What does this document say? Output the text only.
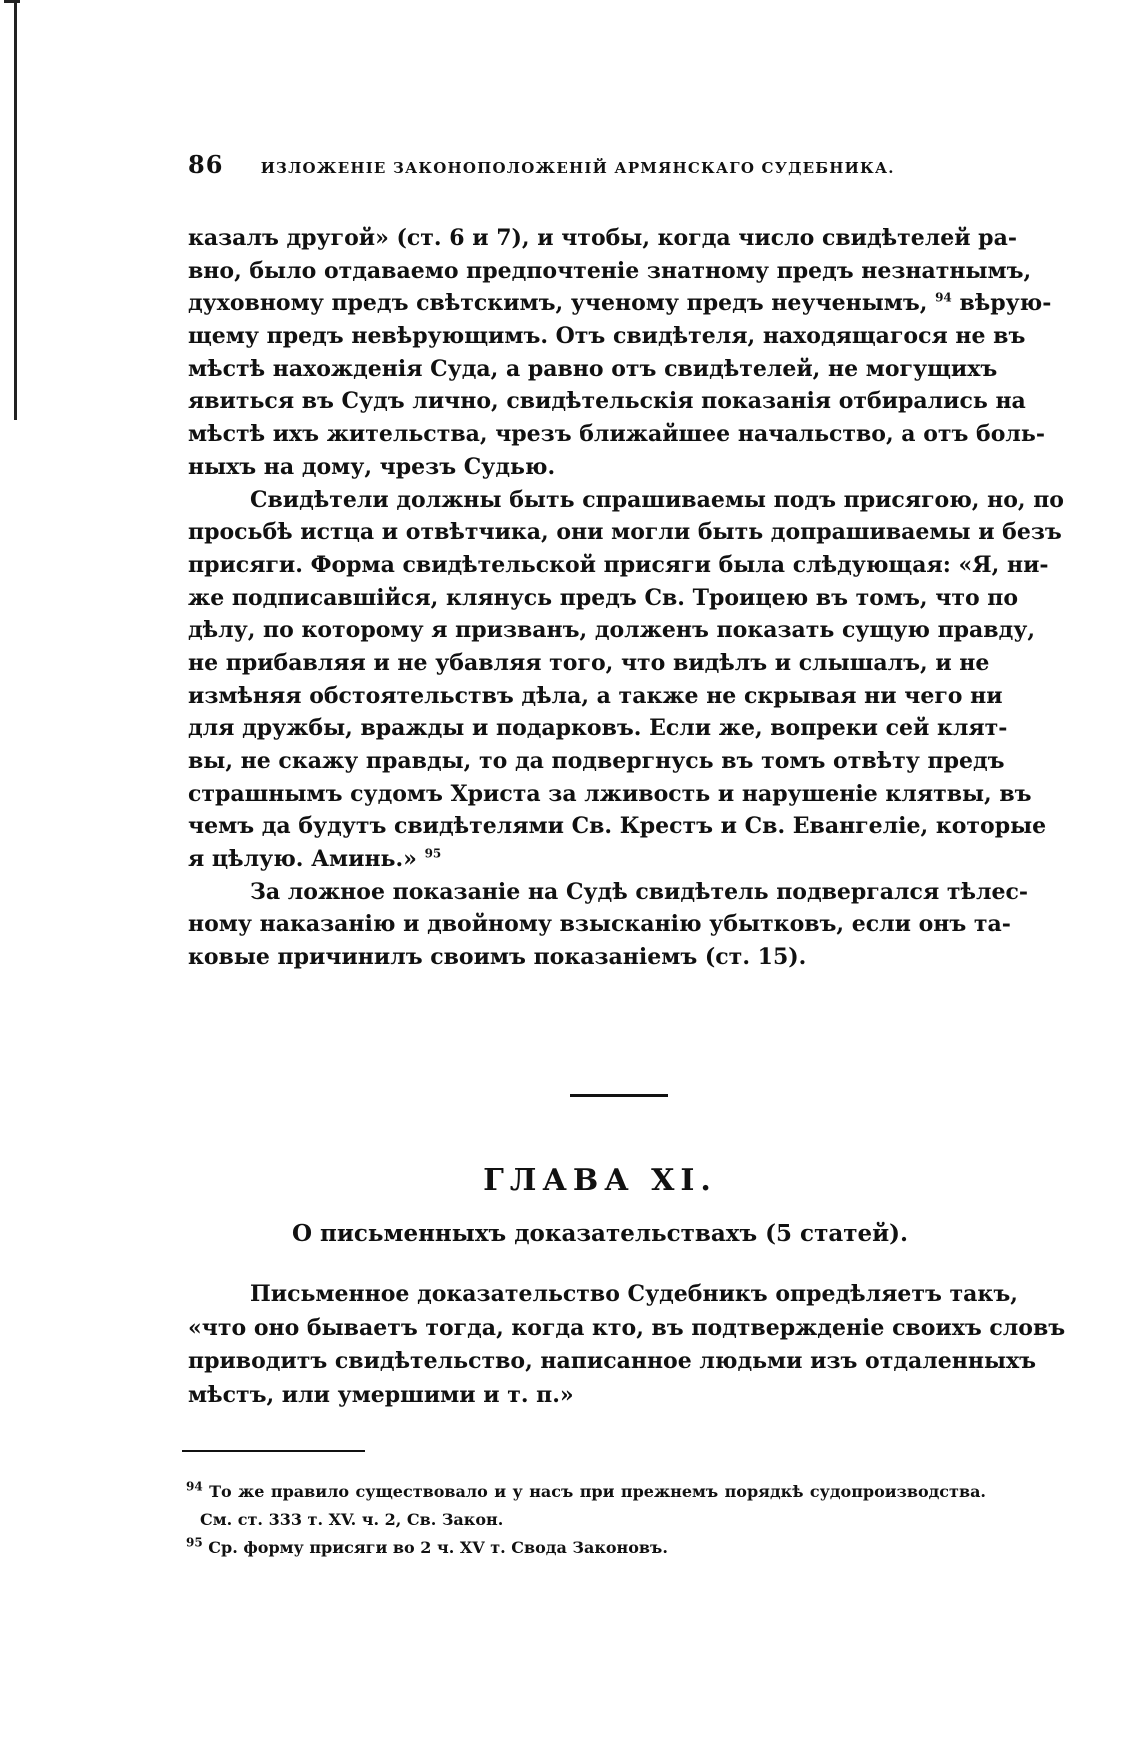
86 ИЗЛОЖЕНІЕ ЗАКОНОПОЛОЖЕНІЙ АРМЯНСКАГО СУДЕБНИКА.
казалъ другой» (ст. 6 и 7), и чтобы, когда число свидѣтелей ра-
вно, было отдаваемо предпочтеніе знатному предъ незнатнымъ,
духовному предъ свѣтскимъ, ученому предъ неученымъ, $^{94}$ вѣрую-
щему предъ невѣрующимъ. Отъ свидѣтеля, находящагося не въ
мѣстѣ нахожденія Суда, а равно отъ свидѣтелей, не могущихъ
явиться въ Судъ лично, свидѣтельскія показанія отбирались на
мѣстѣ ихъ жительства, чрезъ ближайшее начальство, а отъ боль-
ныхъ на дому, чрезъ Судью.
Свидѣтели должны быть спрашиваемы подъ присягою, но, по
просьбѣ истца и отвѣтчика, они могли быть допрашиваемы и безъ
присяги. Форма свидѣтельской присяги была слѣдующая: «Я, ни-
же подписавшійся, клянусь предъ Св. Троицею въ томъ, что по
дѣлу, по которому я призванъ, долженъ показать сущую правду,
не прибавляя и не убавляя того, что видѣлъ и слышалъ, и не
измѣняя обстоятельствъ дѣла, а также не скрывая ни чего ни
для дружбы, вражды и подарковъ. Если же, вопреки сей клят-
вы, не скажу правды, то да подвергнусь въ томъ отвѣту предъ
страшнымъ судомъ Христа за лживость и нарушеніе клятвы, въ
чемъ да будутъ свидѣтелями Св. Крестъ и Св. Евангеліе, которые
я цѣлую. Аминь.» $^{95}$
За ложное показаніе на Судѣ свидѣтель подвергался тѣлес-
ному наказанію и двойному взысканію убытковъ, если онъ та-
ковые причинилъ своимъ показаніемъ (ст. 15).
ГЛАВА XI.
О письменныхъ доказательствахъ (5 статей).
Письменное доказательство Судебникъ опредѣляетъ такъ,
«что оно бываетъ тогда, когда кто, въ подтвержденіе своихъ словъ
приводитъ свидѣтельство, написанное людьми изъ отдаленныхъ
мѣстъ, или умершими и т. п.»
$^{94}$ То же правило существовало и у насъ при прежнемъ порядкѣ судопроизводства.
См. ст. 333 т. XV. ч. 2, Св. Закон.
$^{95}$ Ср. форму присяги во 2 ч. XV т. Свода Законовъ.
